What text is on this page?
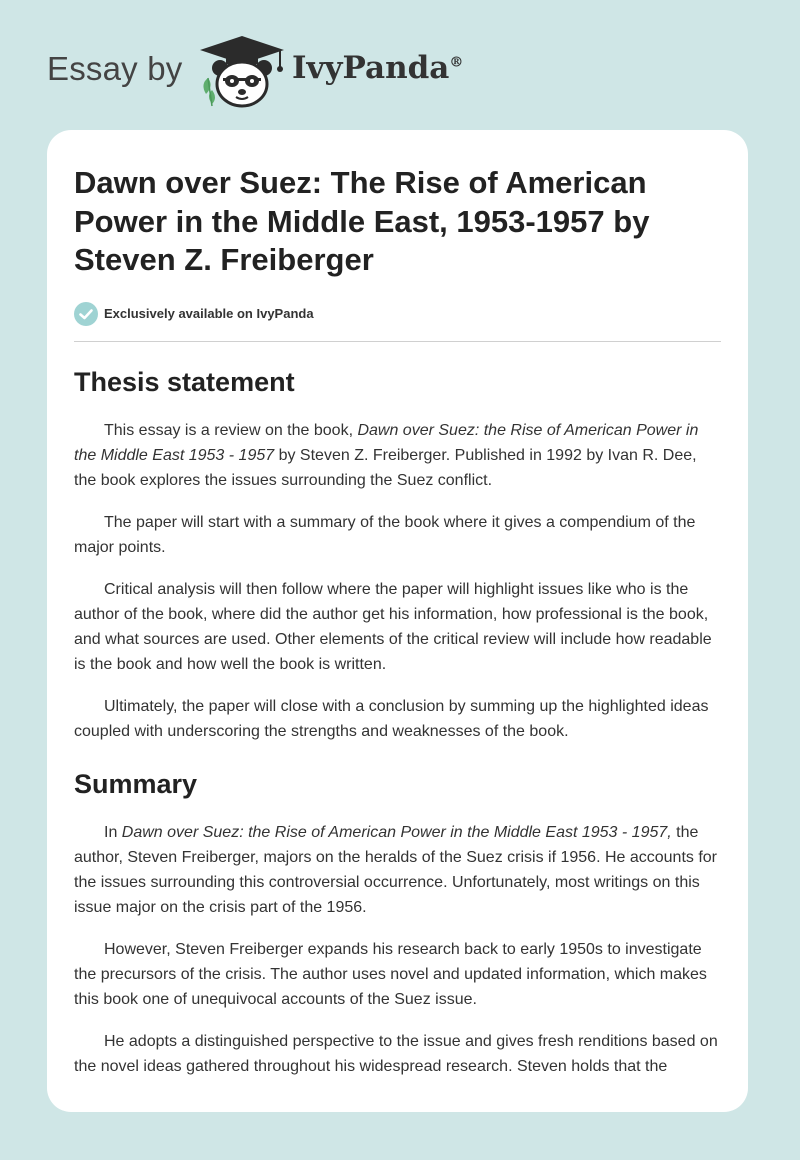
Essay by	IvyPanda®
Dawn over Suez: The Rise of American Power in the Middle East, 1953-1957 by Steven Z. Freiberger
Exclusively available on IvyPanda
Thesis statement

This essay is a review on the book, Dawn over Suez: the Rise of American Power in the Middle East 1953 - 1957 by Steven Z. Freiberger. Published in 1992 by Ivan R. Dee, the book explores the issues surrounding the Suez conflict.

The paper will start with a summary of the book where it gives a compendium of the major points.

Critical analysis will then follow where the paper will highlight issues like who is the author of the book, where did the author get his information, how professional is the book, and what sources are used. Other elements of the critical review will include how readable is the book and how well the book is written.

Ultimately, the paper will close with a conclusion by summing up the highlighted ideas coupled with underscoring the strengths and weaknesses of the book.

Summary

In Dawn over Suez: the Rise of American Power in the Middle East 1953 - 1957, the author, Steven Freiberger, majors on the heralds of the Suez crisis if 1956. He accounts for the issues surrounding this controversial occurrence. Unfortunately, most writings on this issue major on the crisis part of the 1956.

However, Steven Freiberger expands his research back to early 1950s to investigate the precursors of the crisis. The author uses novel and updated information, which makes this book one of unequivocal accounts of the Suez issue.

He adopts a distinguished perspective to the issue and gives fresh renditions based on the novel ideas gathered throughout his widespread research. Steven holds that the
